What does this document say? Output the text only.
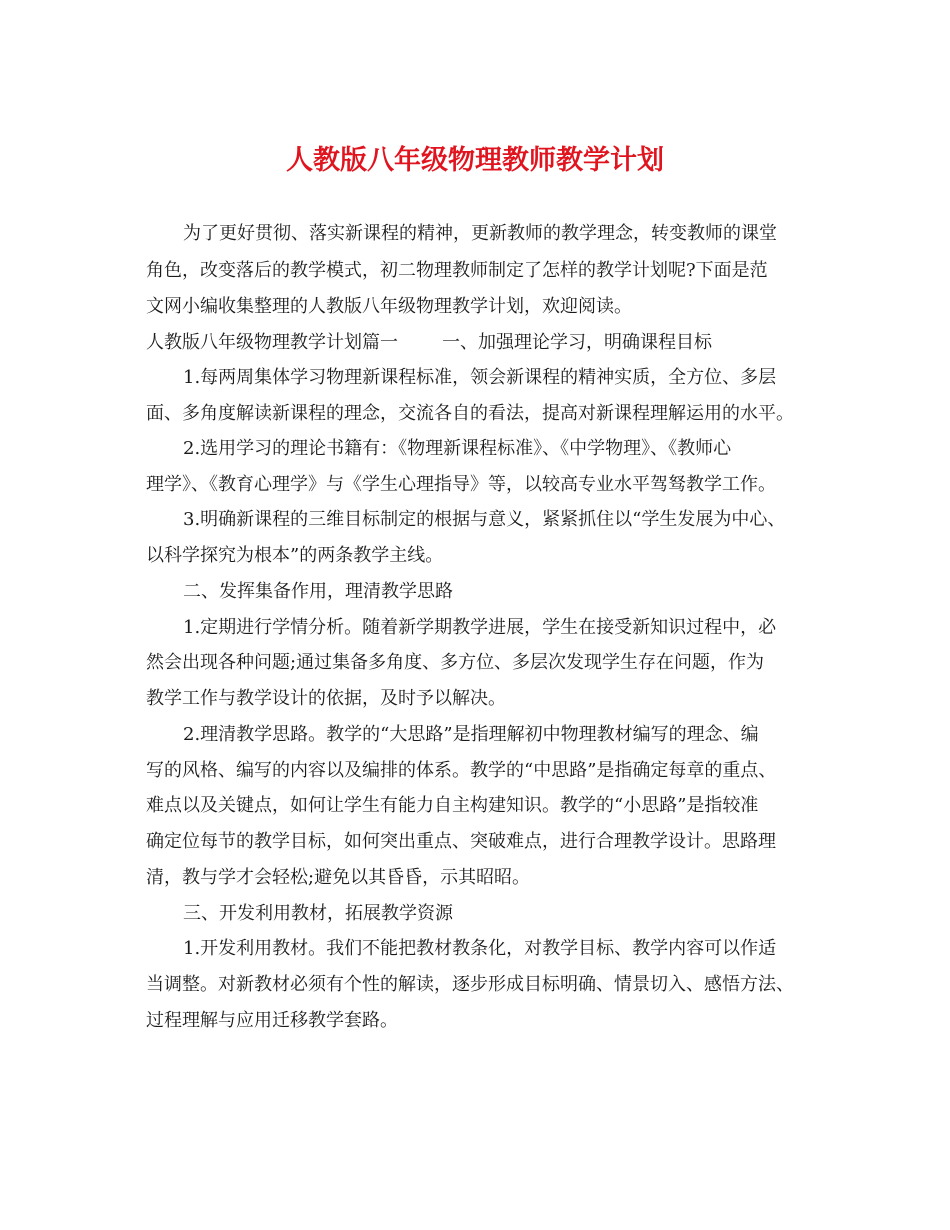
人教版八年级物理教师教学计划
为了更好贯彻、落实新课程的精神，更新教师的教学理念，转变教师的课堂
角色，改变落后的教学模式，初二物理教师制定了怎样的教学计划呢?下面是范
文网小编收集整理的人教版八年级物理教学计划，欢迎阅读。
人教版八年级物理教学计划篇一 一、加强理论学习，明确课程目标
1.每两周集体学习物理新课程标准，领会新课程的精神实质，全方位、多层
面、多角度解读新课程的理念，交流各自的看法，提高对新课程理解运用的水平。
2.选用学习的理论书籍有：《物理新课程标准》、《中学物理》、《教师心
理学》、《教育心理学》与《学生心理指导》等，以较高专业水平驾驽教学工作。
3.明确新课程的三维目标制定的根据与意义，紧紧抓住以“学生发展为中心、
以科学探究为根本”的两条教学主线。
二、发挥集备作用，理清教学思路
1.定期进行学情分析。随着新学期教学进展，学生在接受新知识过程中，必
然会出现各种问题;通过集备多角度、多方位、多层次发现学生存在问题，作为
教学工作与教学设计的依据，及时予以解决。
2.理清教学思路。教学的“大思路”是指理解初中物理教材编写的理念、编
写的风格、编写的内容以及编排的体系。教学的“中思路”是指确定每章的重点、
难点以及关键点，如何让学生有能力自主构建知识。教学的“小思路”是指较准
确定位每节的教学目标，如何突出重点、突破难点，进行合理教学设计。思路理
清，教与学才会轻松;避免以其昏昏，示其昭昭。
三、开发利用教材，拓展教学资源
1.开发利用教材。我们不能把教材教条化，对教学目标、教学内容可以作适
当调整。对新教材必须有个性的解读，逐步形成目标明确、情景切入、感悟方法、
过程理解与应用迁移教学套路。
